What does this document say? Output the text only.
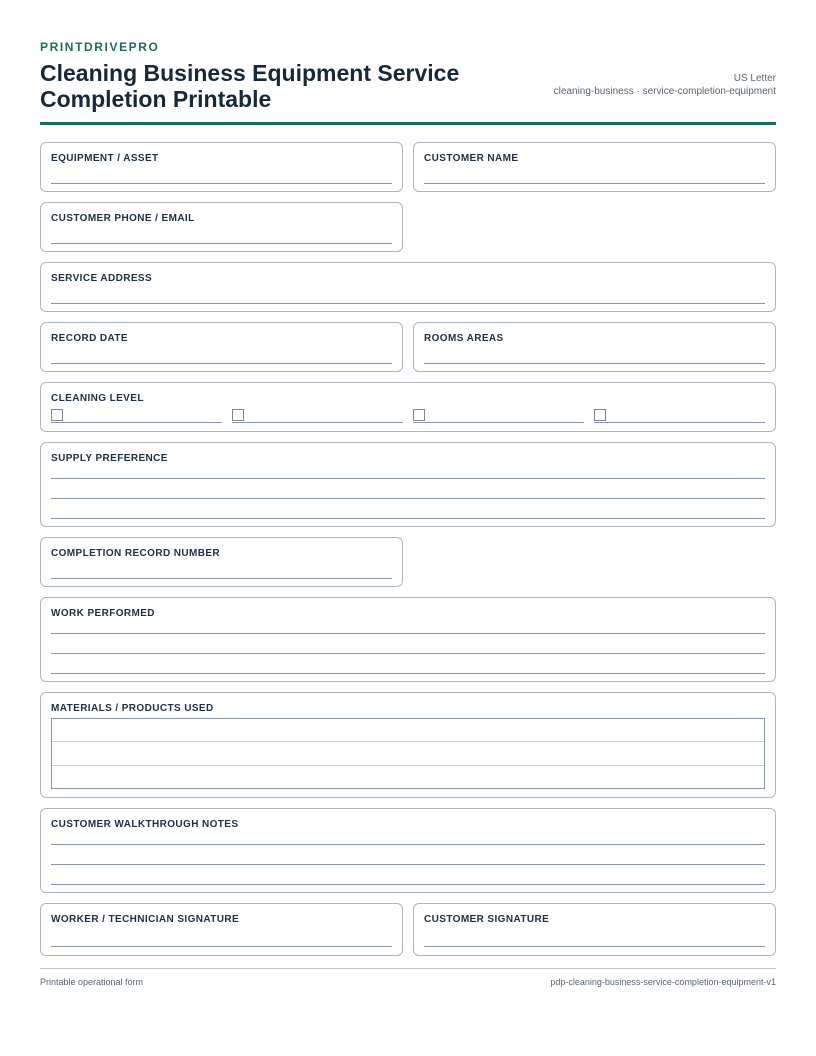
PRINTDRIVEPRO
Cleaning Business Equipment Service Completion Printable
US Letter
cleaning-business · service-completion-equipment
EQUIPMENT / ASSET	CUSTOMER NAME
CUSTOMER PHONE / EMAIL
SERVICE ADDRESS
RECORD DATE	ROOMS AREAS
CLEANING LEVEL
SUPPLY PREFERENCE
COMPLETION RECORD NUMBER
WORK PERFORMED
MATERIALS / PRODUCTS USED
CUSTOMER WALKTHROUGH NOTES
WORKER / TECHNICIAN SIGNATURE	CUSTOMER SIGNATURE
Printable operational form	pdp-cleaning-business-service-completion-equipment-v1
